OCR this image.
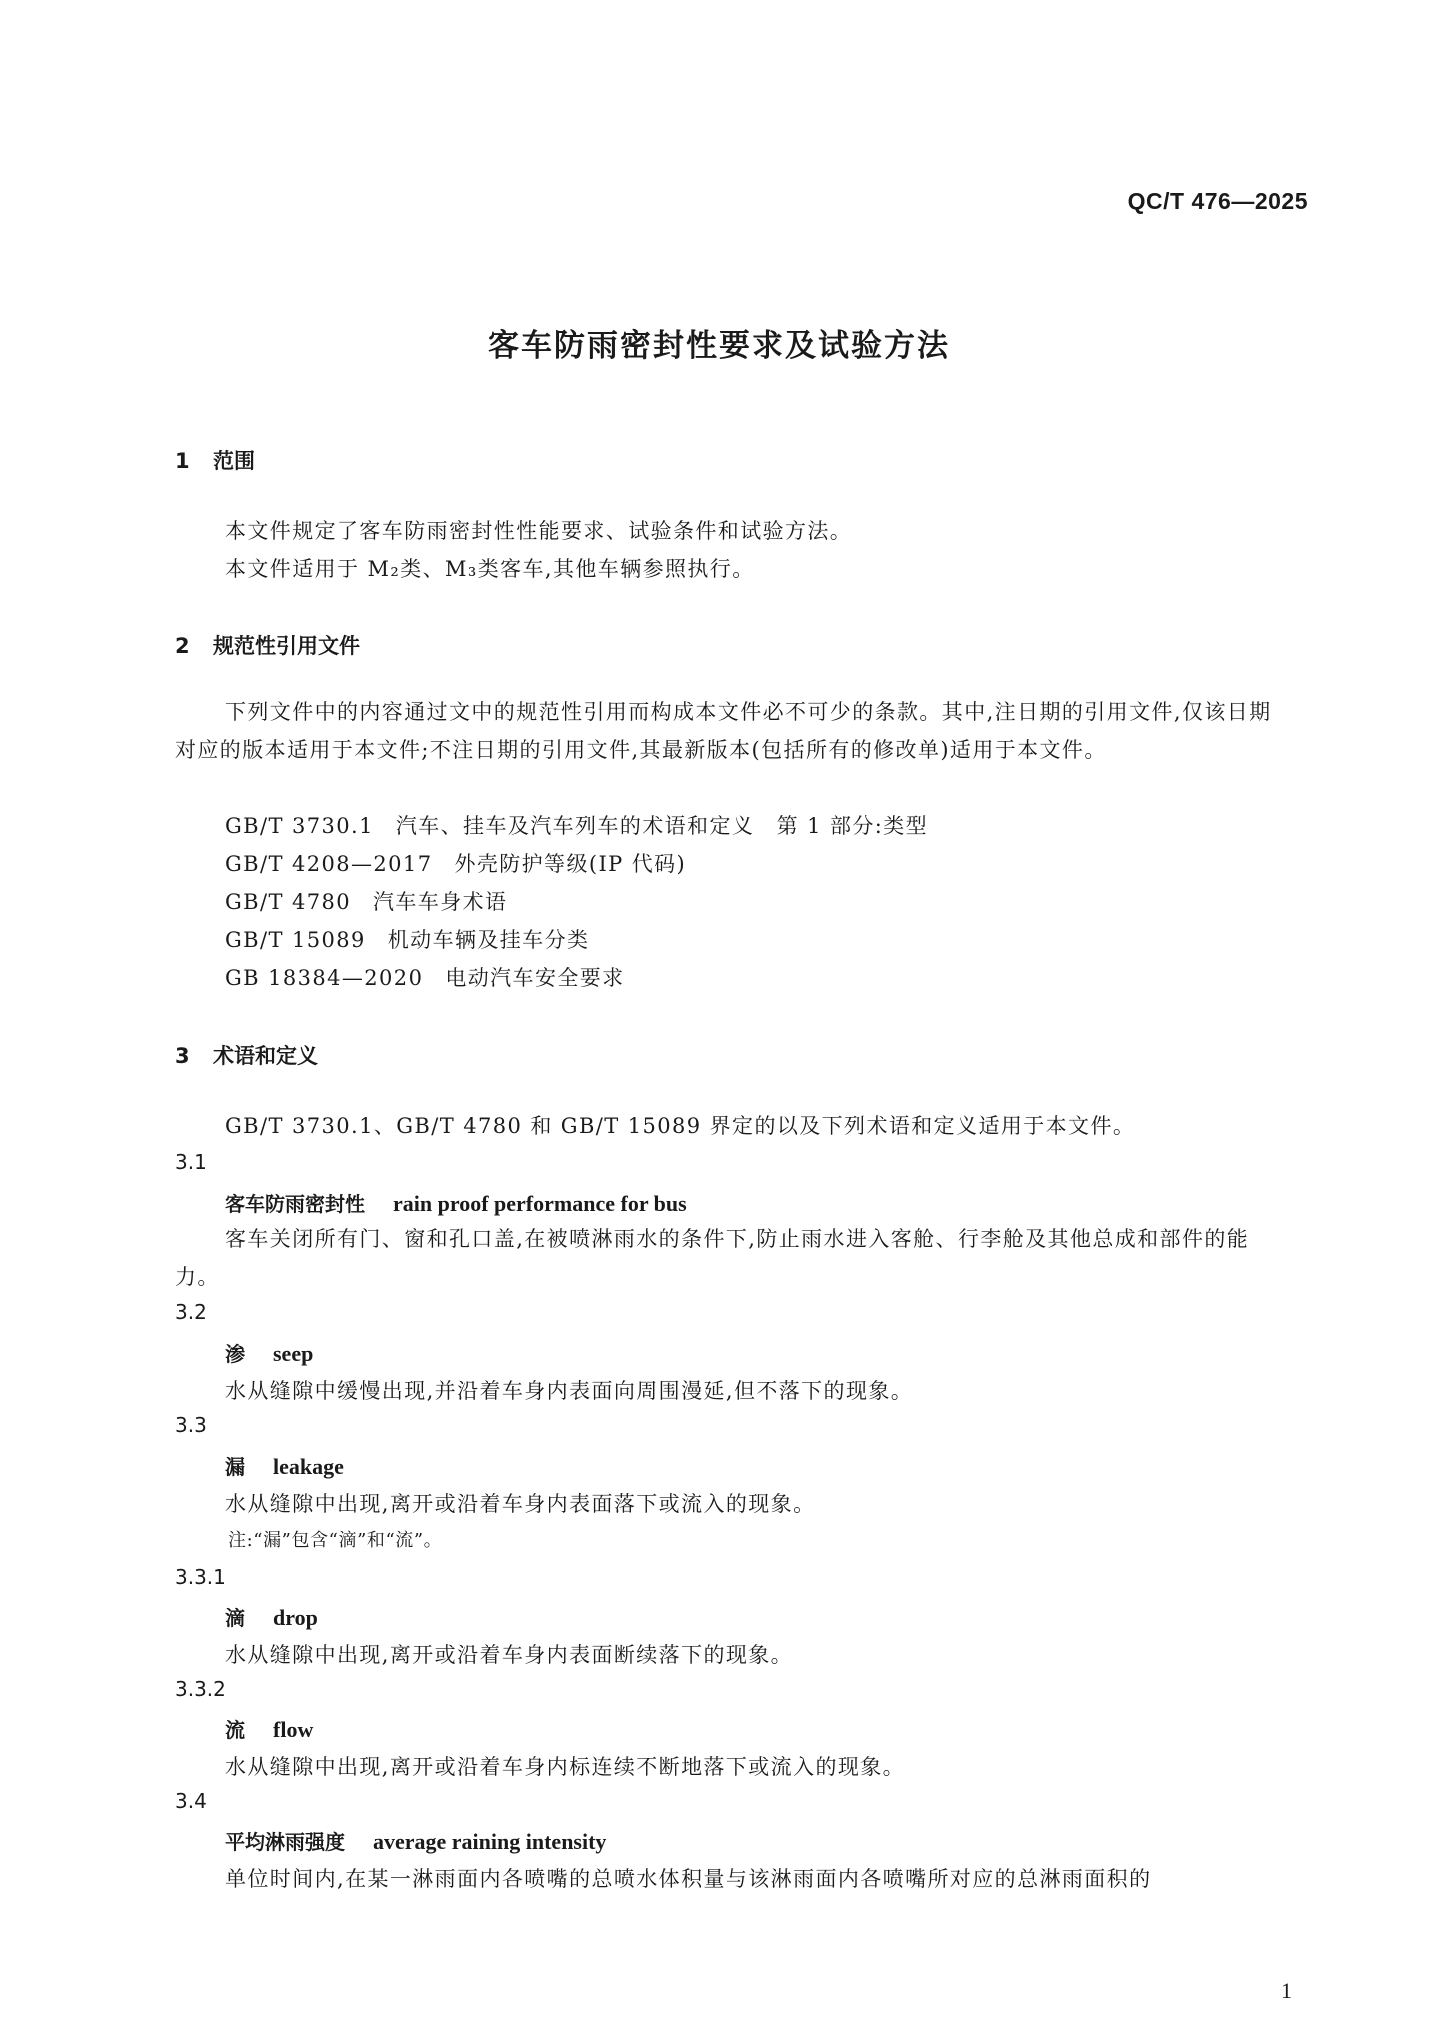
QC/T 476—2025
客车防雨密封性要求及试验方法
1 范围
本文件规定了客车防雨密封性性能要求、试验条件和试验方法。
本文件适用于 M₂类、M₃类客车,其他车辆参照执行。
2 规范性引用文件
下列文件中的内容通过文中的规范性引用而构成本文件必不可少的条款。其中,注日期的引用文件,仅该日期对应的版本适用于本文件;不注日期的引用文件,其最新版本(包括所有的修改单)适用于本文件。
GB/T 3730.1 汽车、挂车及汽车列车的术语和定义　第 1 部分:类型
GB/T 4208—2017 外壳防护等级(IP 代码)
GB/T 4780 汽车车身术语
GB/T 15089 机动车辆及挂车分类
GB 18384—2020 电动汽车安全要求
3 术语和定义
GB/T 3730.1、GB/T 4780 和 GB/T 15089 界定的以及下列术语和定义适用于本文件。
3.1
客车防雨密封性 rain proof performance for bus
客车关闭所有门、窗和孔口盖,在被喷淋雨水的条件下,防止雨水进入客舱、行李舱及其他总成和部件的能力。
3.2
渗 seep
水从缝隙中缓慢出现,并沿着车身内表面向周围漫延,但不落下的现象。
3.3
漏 leakage
水从缝隙中出现,离开或沿着车身内表面落下或流入的现象。
注:“漏”包含“滴”和“流”。
3.3.1
滴 drop
水从缝隙中出现,离开或沿着车身内表面断续落下的现象。
3.3.2
流 flow
水从缝隙中出现,离开或沿着车身内标连续不断地落下或流入的现象。
3.4
平均淋雨强度 average raining intensity
单位时间内,在某一淋雨面内各喷嘴的总喷水体积量与该淋雨面内各喷嘴所对应的总淋雨面积的
1
